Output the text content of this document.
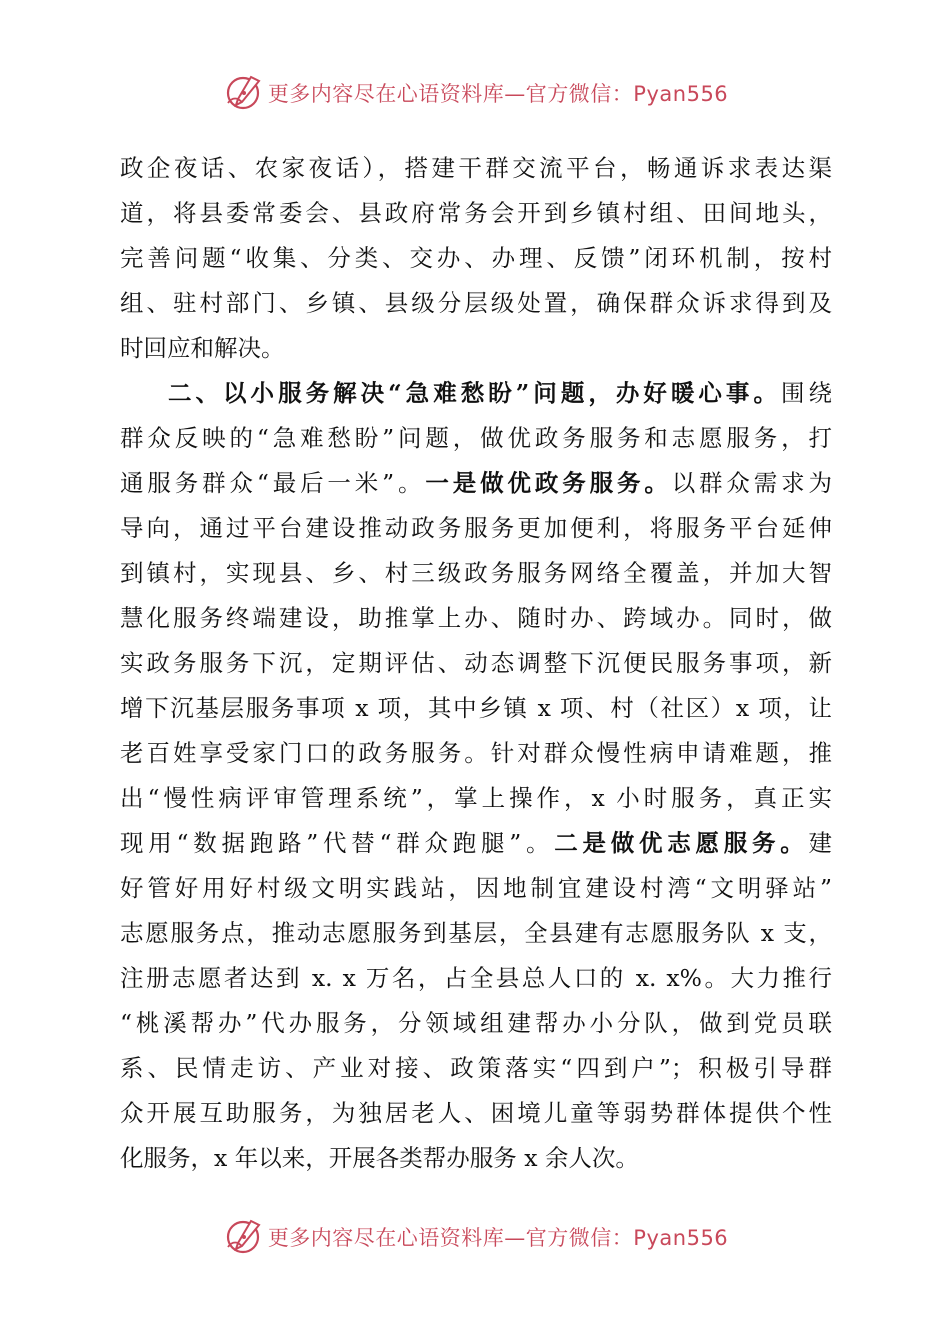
更多内容尽在心语资料库—官方微信：Pyan556
政企夜话、农家夜话），搭建干群交流平台，畅通诉求表达渠
道，将县委常委会、县政府常务会开到乡镇村组、田间地头，
完善问题“收集、分类、交办、办理、反馈”闭环机制，按村
组、驻村部门、乡镇、县级分层级处置，确保群众诉求得到及
时回应和解决。
二、以小服务解决“急难愁盼”问题，办好暖心事。围绕
群众反映的“急难愁盼”问题，做优政务服务和志愿服务，打
通服务群众“最后一米”。一是做优政务服务。以群众需求为
导向，通过平台建设推动政务服务更加便利，将服务平台延伸
到镇村，实现县、乡、村三级政务服务网络全覆盖，并加大智
慧化服务终端建设，助推掌上办、随时办、跨域办。同时，做
实政务服务下沉，定期评估、动态调整下沉便民服务事项，新
增下沉基层服务事项 x 项，其中乡镇 x 项、村（社区）x 项，让
老百姓享受家门口的政务服务。针对群众慢性病申请难题，推
出“慢性病评审管理系统”，掌上操作，x 小时服务，真正实
现用“数据跑路”代替“群众跑腿”。二是做优志愿服务。建
好管好用好村级文明实践站，因地制宜建设村湾“文明驿站”
志愿服务点，推动志愿服务到基层，全县建有志愿服务队 x 支，
注册志愿者达到 x. x 万名，占全县总人口的 x. x%。大力推行
“桃溪帮办”代办服务，分领域组建帮办小分队，做到党员联
系、民情走访、产业对接、政策落实“四到户”；积极引导群
众开展互助服务，为独居老人、困境儿童等弱势群体提供个性
化服务，x 年以来，开展各类帮办服务 x 余人次。
更多内容尽在心语资料库—官方微信：Pyan556
